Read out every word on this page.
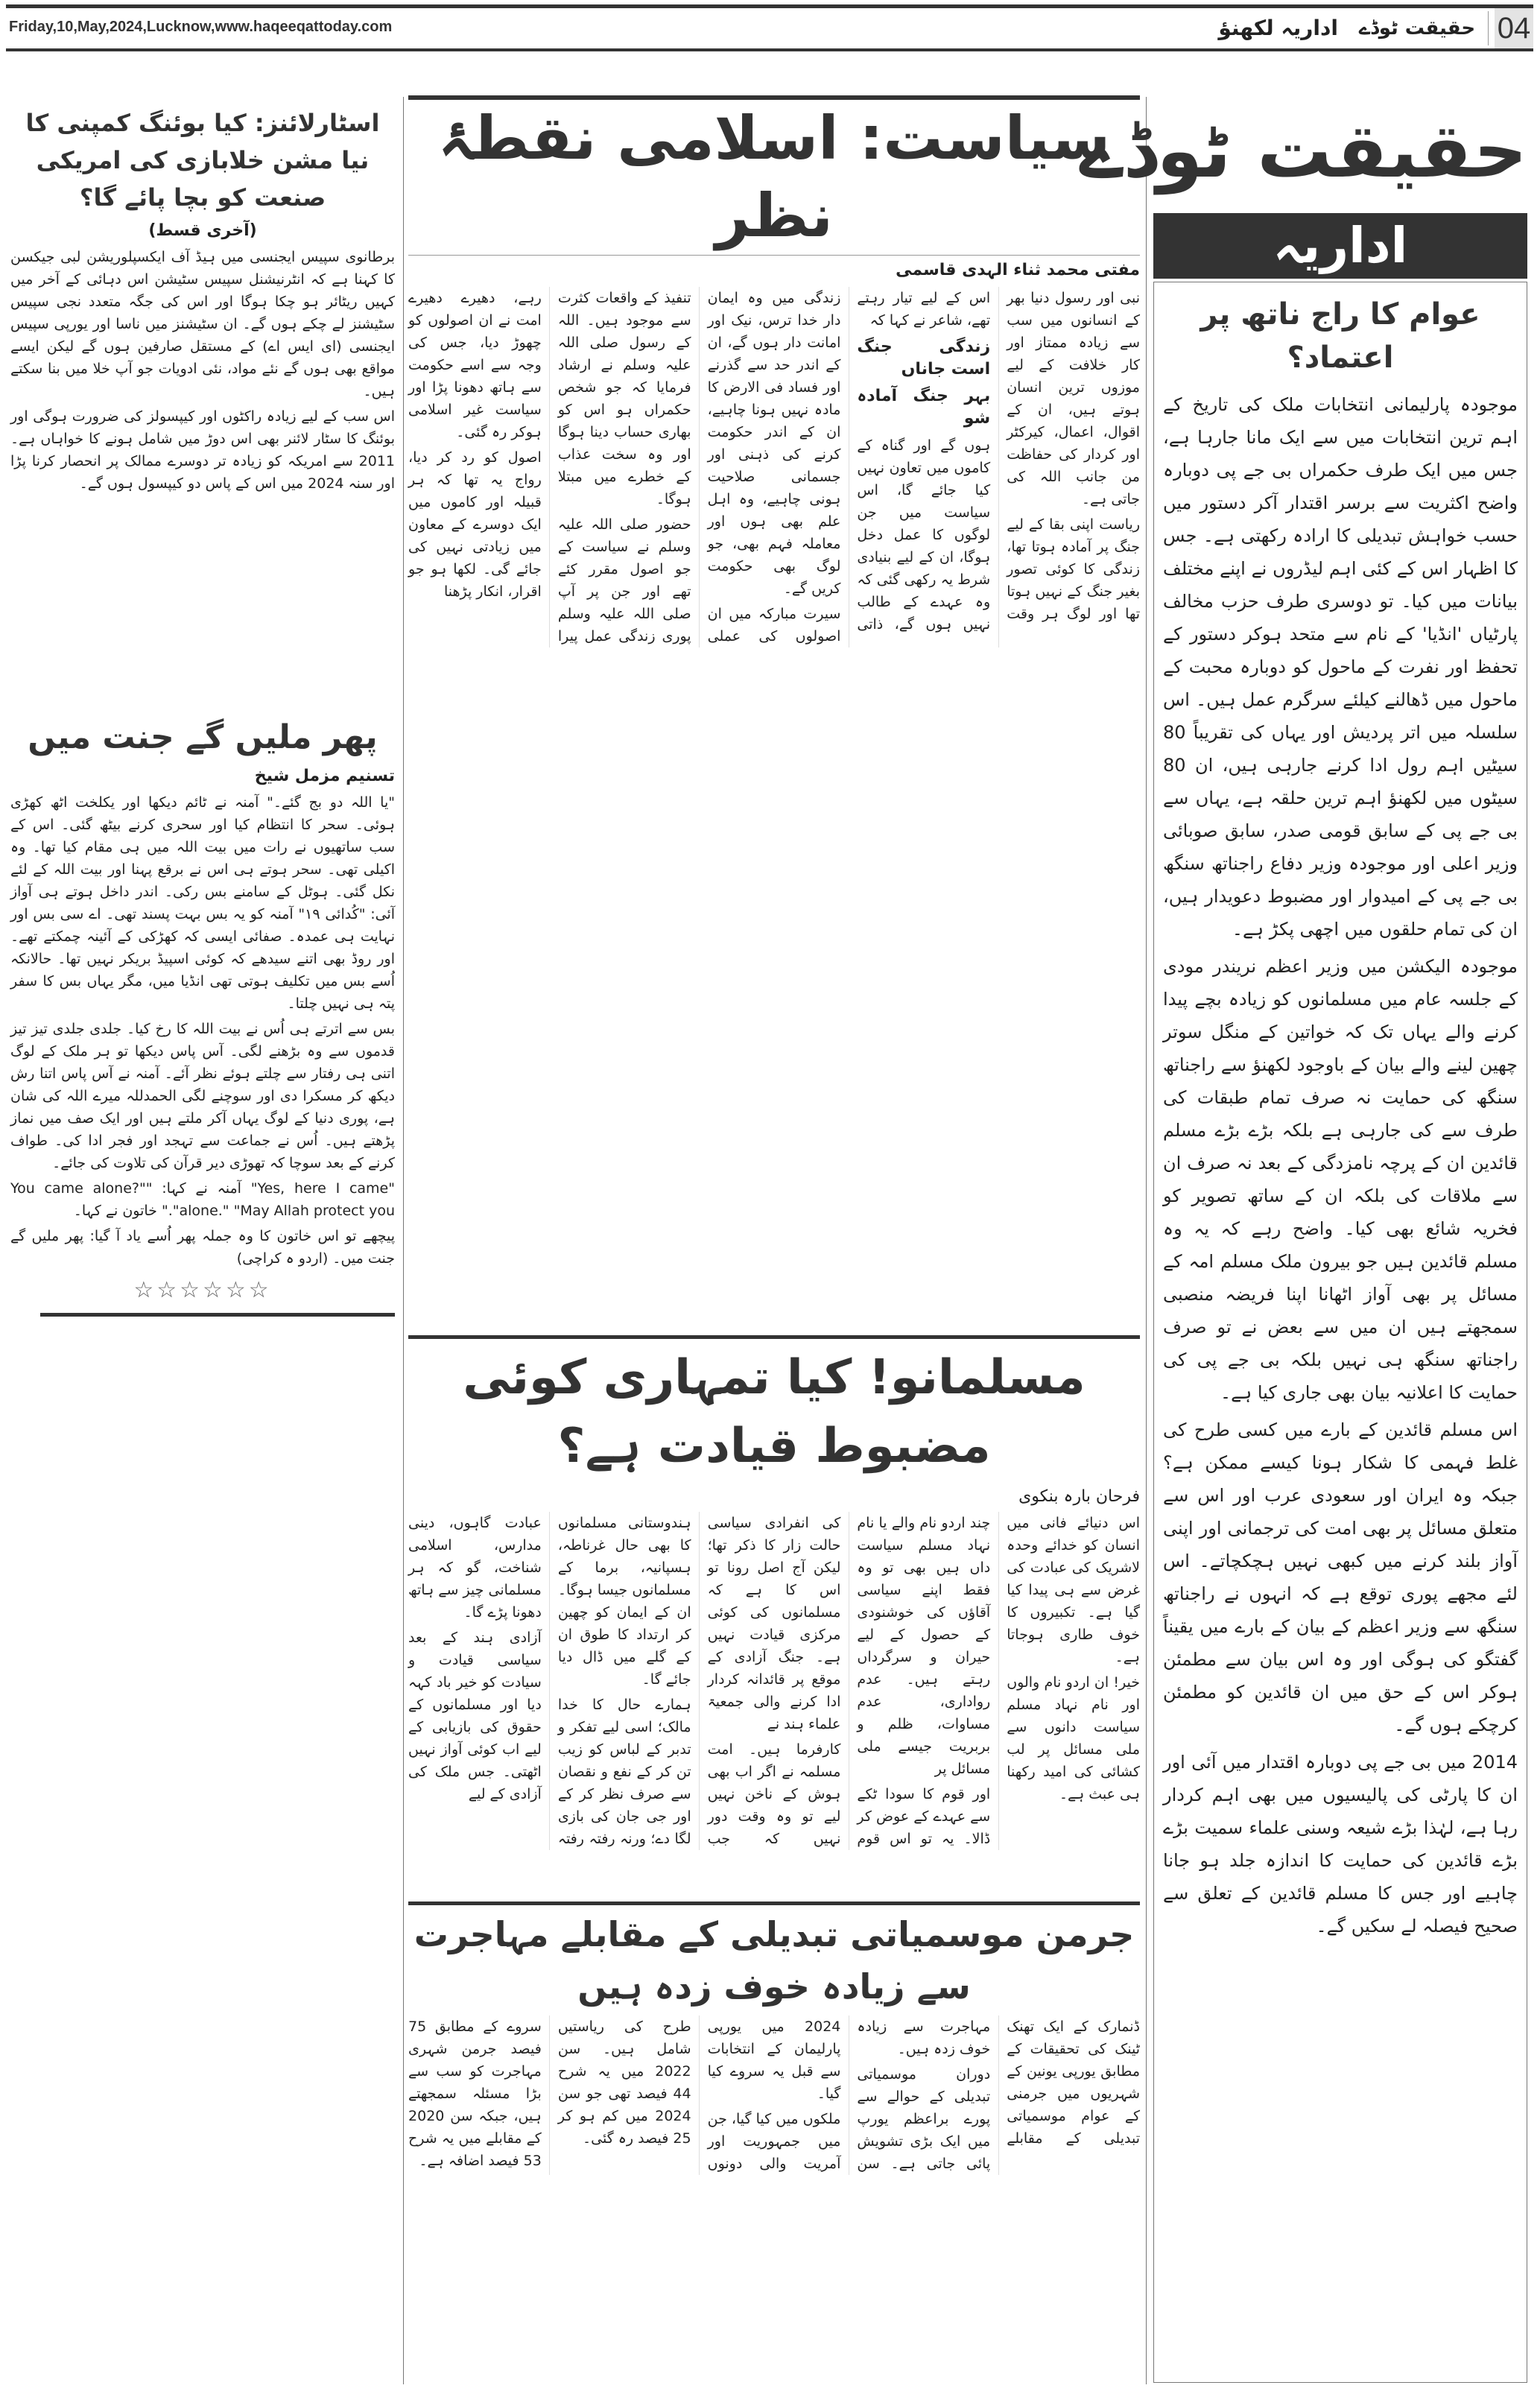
Friday,10,May,2024,Lucknow,www.haqeeqattoday.com	اداریہ لکھنؤ	حقیقت ٹوڈے 04
حقیقت ٹوڈے
اداریہ
عوام کا راج ناتھ پر اعتماد؟

موجودہ پارلیمانی انتخابات ملک کی تاریخ کے اہم ترین انتخابات میں سے ایک مانا جارہا ہے، جس میں ایک طرف حکمراں بی جے پی دوبارہ واضح اکثریت سے برسر اقتدار آکر دستور میں حسب خواہش تبدیلی کا ارادہ رکھتی ہے۔ جس کا اظہار اس کے کئی اہم لیڈروں نے اپنے مختلف بیانات میں کیا۔ تو دوسری طرف حزب مخالف پارٹیاں 'انڈیا' کے نام سے متحد ہوکر دستور کے تحفظ اور نفرت کے ماحول کو دوبارہ محبت کے ماحول میں ڈھالنے کیلئے سرگرم عمل ہیں۔ اس سلسلہ میں اتر پردیش اور یہاں کی تقریباً 80 سیٹیں اہم رول ادا کرنے جارہی ہیں، ان 80 سیٹوں میں لکھنؤ اہم ترین حلقہ ہے، یہاں سے بی جے پی کے سابق قومی صدر، سابق صوبائی وزیر اعلی اور موجودہ وزیر دفاع راجناتھ سنگھ بی جے پی کے امیدوار اور مضبوط دعویدار ہیں، ان کی تمام حلقوں میں اچھی پکڑ ہے۔

موجودہ الیکشن میں وزیر اعظم نریندر مودی کے جلسہ عام میں مسلمانوں کو زیادہ بچے پیدا کرنے والے یہاں تک کہ خواتین کے منگل سوتر چھین لینے والے بیان کے باوجود لکھنؤ سے راجناتھ سنگھ کی حمایت نہ صرف تمام طبقات کی طرف سے کی جارہی ہے بلکہ بڑے بڑے مسلم قائدین ان کے پرچہ نامزدگی کے بعد نہ صرف ان سے ملاقات کی بلکہ ان کے ساتھ تصویر کو فخریہ شائع بھی کیا۔ واضح رہے کہ یہ وہ مسلم قائدین ہیں جو بیرون ملک مسلم امہ کے مسائل پر بھی آواز اٹھانا اپنا فریضہ منصبی سمجھتے ہیں ان میں سے بعض نے تو صرف راجناتھ سنگھ ہی نہیں بلکہ بی جے پی کی حمایت کا اعلانیہ بیان بھی جاری کیا ہے۔

اس مسلم قائدین کے بارے میں کسی طرح کی غلط فہمی کا شکار ہونا کیسے ممکن ہے؟ جبکہ وہ ایران اور سعودی عرب اور اس سے متعلق مسائل پر بھی امت کی ترجمانی اور اپنی آواز بلند کرنے میں کبھی نہیں ہچکچاتے۔ اس لئے مجھے پوری توقع ہے کہ انہوں نے راجناتھ سنگھ سے وزیر اعظم کے بیان کے بارے میں یقیناً گفتگو کی ہوگی اور وہ اس بیان سے مطمئن ہوکر اس کے حق میں ان قائدین کو مطمئن کرچکے ہوں گے۔

2014 میں بی جے پی دوبارہ اقتدار میں آئی اور ان کا پارٹی کی پالیسیوں میں بھی اہم کردار رہا ہے، لہٰذا بڑے شیعہ وسنی علماء سمیت بڑے بڑے قائدین کی حمایت کا اندازہ جلد ہو جانا چاہیے اور جس کا مسلم قائدین کے تعلق سے صحیح فیصلہ لے سکیں گے۔

سیاست: اسلامی نقطۂ نظر
مفتی محمد ثناء الہدی قاسمی

نبی اور رسول دنیا بھر کے انسانوں میں سب سے زیادہ ممتاز اور کار خلافت کے لیے موزوں ترین انسان ہوتے ہیں، ان کے اقوال، اعمال، کیرکٹر اور کردار کی حفاظت من جانب اللہ کی جاتی ہے۔

ریاست اپنی بقا کے لیے جنگ پر آمادہ ہوتا تھا، زندگی کا کوئی تصور بغیر جنگ کے نہیں ہوتا تھا اور لوگ ہر وقت اس کے لیے تیار رہتے تھے، شاعر نے کہا کہ

زندگی جنگ است جاناں

بہر جنگ آمادہ شو

ہوں گے اور گناہ کے کاموں میں تعاون نہیں کیا جائے گا، اس سیاست میں جن لوگوں کا عمل دخل ہوگا، ان کے لیے بنیادی شرط یہ رکھی گئی کہ وہ عہدے کے طالب نہیں ہوں گے، ذاتی زندگی میں وہ ایمان دار خدا ترس، نیک اور امانت دار ہوں گے، ان کے اندر حد سے گذرنے اور فساد فی الارض کا مادہ نہیں ہونا چاہیے، ان کے اندر حکومت کرنے کی ذہنی اور جسمانی صلاحیت ہونی چاہیے، وہ اہل علم بھی ہوں اور معاملہ فہم بھی، جو لوگ بھی حکومت کریں گے۔

سیرت مبارکہ میں ان اصولوں کی عملی تنفیذ کے واقعات کثرت سے موجود ہیں۔ اللہ کے رسول صلی اللہ علیہ وسلم نے ارشاد فرمایا کہ جو شخص حکمراں ہو اس کو بھاری حساب دینا ہوگا اور وہ سخت عذاب کے خطرے میں مبتلا ہوگا۔

حضور صلی اللہ علیہ وسلم نے سیاست کے جو اصول مقرر کئے تھے اور جن پر آپ صلی اللہ علیہ وسلم پوری زندگی عمل پیرا رہے، دھیرے دھیرے امت نے ان اصولوں کو چھوڑ دیا، جس کی وجہ سے اسے حکومت سے ہاتھ دھونا پڑا اور سیاست غیر اسلامی ہوکر رہ گئی۔

اصول کو رد کر دیا، رواج یہ تھا کہ ہر قبیلہ اور کاموں میں ایک دوسرے کے معاون میں زیادتی نہیں کی جائے گی۔ لکھا ہو جو اقرار، انکار پڑھنا

مسلمانو! کیا تمہاری کوئی مضبوط قیادت ہے؟
فرحان بارہ بنکوی

اس دنیائے فانی میں انسان کو خدائے وحدہ لاشریک کی عبادت کی غرض سے ہی پیدا کیا گیا ہے۔ تکبیروں کا خوف طاری ہوجاتا ہے۔

خیر! ان اردو نام والوں اور نام نہاد مسلم سیاست دانوں سے ملی مسائل پر لب کشائی کی امید رکھنا ہی عبث ہے۔

چند اردو نام والے یا نام نہاد مسلم سیاست داں ہیں بھی تو وہ فقط اپنے سیاسی آقاؤں کی خوشنودی کے حصول کے لیے حیران و سرگرداں رہتے ہیں۔ عدم رواداری، عدم مساوات، ظلم و بربریت جیسے ملی مسائل پر

اور قوم کا سودا ٹکے سے عہدے کے عوض کر ڈالا۔ یہ تو اس قوم کی انفرادی سیاسی حالت زار کا ذکر تھا؛ لیکن آج اصل رونا تو اس کا ہے کہ مسلمانوں کی کوئی مرکزی قیادت نہیں ہے۔ جنگ آزادی کے موقع پر قائدانہ کردار ادا کرنے والی جمعیۃ علماء ہند نے

کارفرما ہیں۔ امت مسلمہ نے اگر اب بھی ہوش کے ناخن نہیں لیے تو وہ وقت دور نہیں کہ جب ہندوستانی مسلمانوں کا بھی حال غرناطہ، ہسپانیہ، برما کے مسلمانوں جیسا ہوگا۔ ان کے ایمان کو چھین کر ارتداد کا طوق ان کے گلے میں ڈال دیا جائے گا۔

ہمارے حال کا خدا مالک؛ اسی لیے تفکر و تدبر کے لباس کو زیب تن کر کے نفع و نقصان سے صرف نظر کر کے اور جی جان کی بازی لگا دے؛ ورنہ رفتہ رفتہ عبادت گاہوں، دینی مدارس، اسلامی شناخت، گو کہ ہر مسلمانی چیز سے ہاتھ دھونا پڑے گا۔

آزادی ہند کے بعد سیاسی قیادت و سیادت کو خیر باد کہہ دیا اور مسلمانوں کے حقوق کی بازیابی کے لیے اب کوئی آواز نہیں اٹھتی۔ جس ملک کی آزادی کے لیے

جرمن موسمیاتی تبدیلی کے مقابلے مہاجرت سے زیادہ خوف زدہ ہیں

ڈنمارک کے ایک تھنک ٹینک کی تحقیقات کے مطابق یورپی یونین کے شہریوں میں جرمنی کے عوام موسمیاتی تبدیلی کے مقابلے مہاجرت سے زیادہ خوف زدہ ہیں۔

دوران موسمیاتی تبدیلی کے حوالے سے پورے براعظم یورپ میں ایک بڑی تشویش پائی جاتی ہے۔ سن 2024 میں یورپی پارلیمان کے انتخابات سے قبل یہ سروے کیا گیا۔

ملکوں میں کیا گیا، جن میں جمہوریت اور آمریت والی دونوں طرح کی ریاستیں شامل ہیں۔ سن 2022 میں یہ شرح 44 فیصد تھی جو سن 2024 میں کم ہو کر 25 فیصد رہ گئی۔

سروے کے مطابق 75 فیصد جرمن شہری مہاجرت کو سب سے بڑا مسئلہ سمجھتے ہیں، جبکہ سن 2020 کے مقابلے میں یہ شرح 53 فیصد اضافہ ہے۔

اسٹارلائنز: کیا بوئنگ کمپنی کا نیا مشن خلابازی کی امریکی صنعت کو بچا پائے گا؟
(آخری قسط)

برطانوی سپیس ایجنسی میں ہیڈ آف ایکسپلوریشن لبی جیکسن کا کہنا ہے کہ انٹرنیشنل سپیس سٹیشن اس دہائی کے آخر میں کہیں ریٹائر ہو چکا ہوگا اور اس کی جگہ متعدد نجی سپیس سٹیشنز لے چکے ہوں گے۔ ان سٹیشنز میں ناسا اور یورپی سپیس ایجنسی (ای ایس اے) کے مستقل صارفین ہوں گے لیکن ایسے مواقع بھی ہوں گے نئے مواد، نئی ادویات جو آپ خلا میں بنا سکتے ہیں۔

اس سب کے لیے زیادہ راکٹوں اور کیپسولز کی ضرورت ہوگی اور بوئنگ کا سٹار لائنر بھی اس دوڑ میں شامل ہونے کا خواہاں ہے۔ 2011 سے امریکہ کو زیادہ تر دوسرے ممالک پر انحصار کرنا پڑا اور سنہ 2024 میں اس کے پاس دو کیپسول ہوں گے۔

پھر ملیں گے جنت میں
تسنیم مزمل شیخ

"یا اللہ دو بج گئے۔" آمنہ نے ٹائم دیکھا اور یکلخت اٹھ کھڑی ہوئی۔ سحر کا انتظام کیا اور سحری کرنے بیٹھ گئی۔ اس کے سب ساتھیوں نے رات میں بیت اللہ میں ہی مقام کیا تھا۔ وہ اکیلی تھی۔ سحر ہوتے ہی اس نے برقع پہنا اور بیت اللہ کے لئے نکل گئی۔ ہوٹل کے سامنے بس رکی۔ اندر داخل ہوتے ہی آواز آئی: "کُدائی ۱۹" آمنہ کو یہ بس بہت پسند تھی۔ اے سی بس اور نہایت ہی عمدہ۔ صفائی ایسی کہ کھڑکی کے آئینہ چمکتے تھے۔ اور روڈ بھی اتنے سیدھے کہ کوئی اسپیڈ بریکر نہیں تھا۔ حالانکہ اُسے بس میں تکلیف ہوتی تھی انڈیا میں، مگر یہاں بس کا سفر پتہ ہی نہیں چلتا۔

بس سے اترتے ہی اُس نے بیت اللہ کا رخ کیا۔ جلدی جلدی تیز تیز قدموں سے وہ بڑھنے لگی۔ آس پاس دیکھا تو ہر ملک کے لوگ اتنی ہی رفتار سے چلتے ہوئے نظر آئے۔ آمنہ نے آس پاس اتنا رش دیکھ کر مسکرا دی اور سوچنے لگی الحمدللہ میرے اللہ کی شان ہے، پوری دنیا کے لوگ یہاں آکر ملتے ہیں اور ایک صف میں نماز پڑھتے ہیں۔ اُس نے جماعت سے تہجد اور فجر ادا کی۔ طواف کرنے کے بعد سوچا کہ تھوڑی دیر قرآن کی تلاوت کی جائے۔

"Yes, here I came" آمنہ نے کہا: "You came alone?" "alone." "May Allah protect you." خاتون نے کہا۔

پیچھے تو اس خاتون کا وہ جملہ پھر اُسے یاد آ گیا: پھر ملیں گے جنت میں۔ (اردو ہ کراچی)

☆☆☆☆☆☆
